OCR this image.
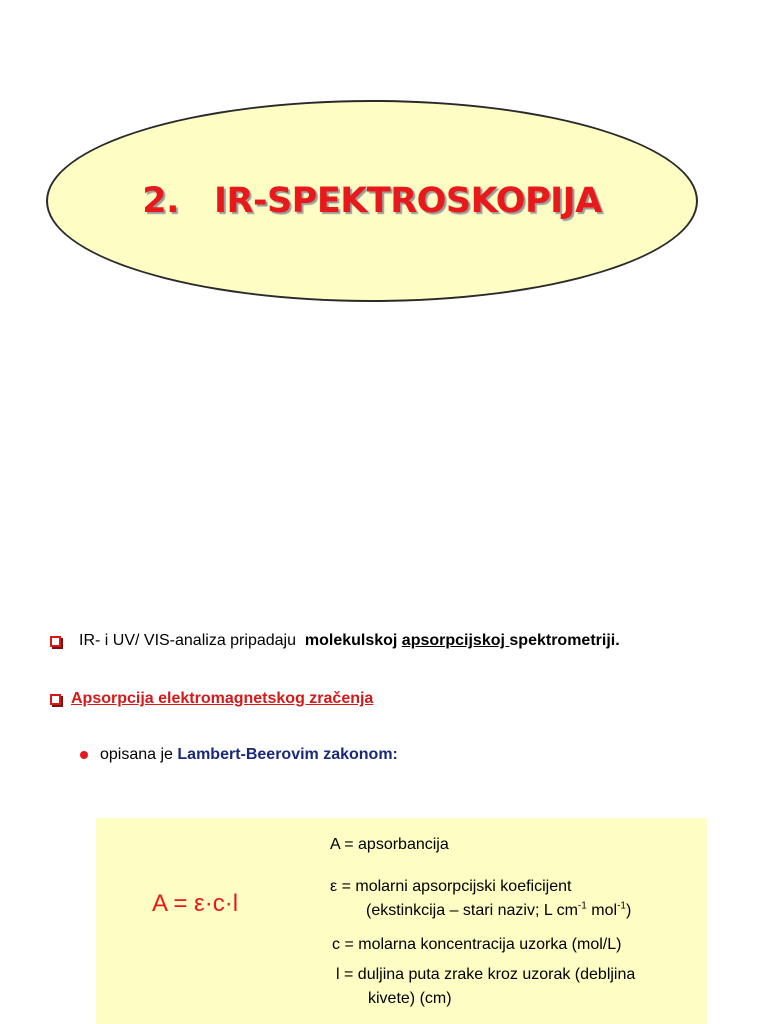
2. IR-SPEKTROSKOPIJA
IR- i UV/ VIS-analiza pripadaju molekulskoj apsorpcijskoj spektrometriji.
Apsorpcija elektromagnetskog zračenja
opisana je Lambert-Beerovim zakonom:
A = ε·c·l
A = apsorbancija
ε = molarni apsorpcijski koeficijent
(ekstinkcija – stari naziv; L $cm^{-1}$ mol$^{-1}$)
c = molarna koncentracija uzorka (mol/L)
l = duljina puta zrake kroz uzorak (debljina
kivete) (cm)
